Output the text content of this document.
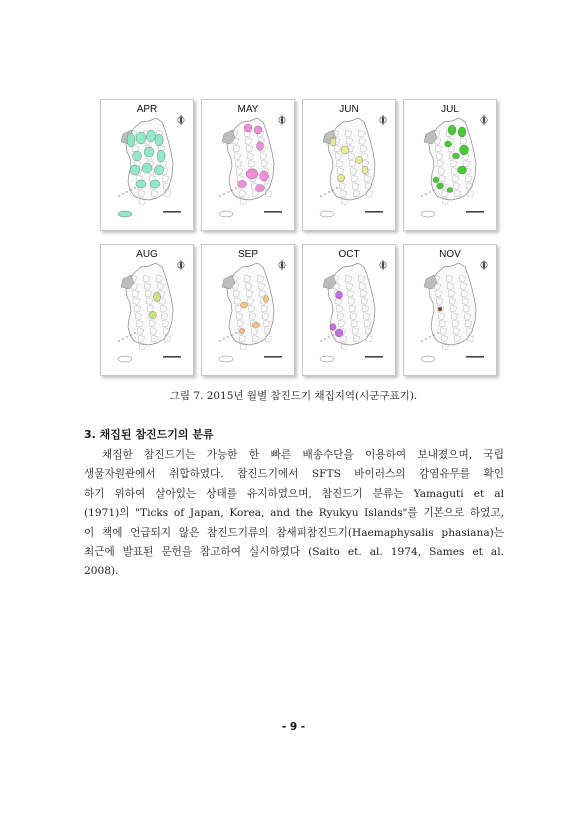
APR	MAY	JUN	JUL
AUG	SEP	OCT	NOV
그림 7. 2015년 월별 참진드기 채집지역(시군구표기).
3. 채집된 참진드기의 분류
채집한 참진드기는 가능한 한 빠른 배송수단을 이용하여 보내졌으며, 국립
생물자원관에서 취합하였다. 참진드기에서 SFTS 바이러스의 감염유무를 확인
하기 위하여 살아있는 상태를 유지하였으며, 참진드기 분류는 Yamaguti et al
(1971)의 "Ticks of Japan, Korea, and the Ryukyu Islands"를 기본으로 하였고,
이 책에 언급되지 않은 참진드기류의 참새피참진드기(Haemaphysalis phasiana)는
최근에 발표된 문헌을 참고하여 실시하였다 (Saito et. al. 1974, Sames et al.
2008).
- 9 -
